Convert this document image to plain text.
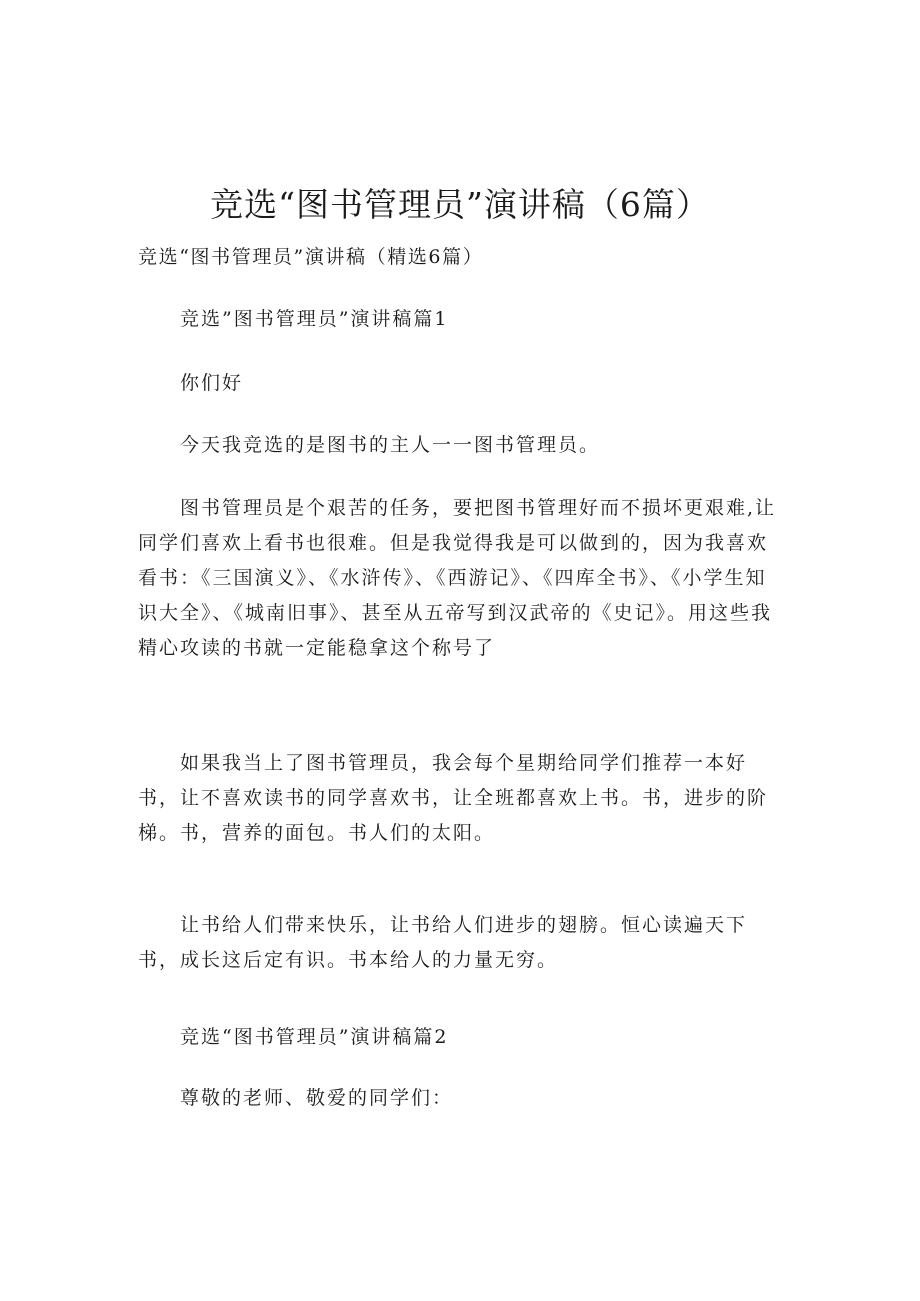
竞选“图书管理员”演讲稿（6篇）

竞选“图书管理员”演讲稿（精选6篇）

竞选”图书管理员”演讲稿篇1

你们好

今天我竞选的是图书的主人一一图书管理员。

图书管理员是个艰苦的任务，要把图书管理好而不损坏更艰难,让同学们喜欢上看书也很难。但是我觉得我是可以做到的，因为我喜欢看书：《三国演义》、《水浒传》、《西游记》、《四库全书》、《小学生知识大全》、《城南旧事》、甚至从五帝写到汉武帝的《史记》。用这些我精心攻读的书就一定能稳拿这个称号了

如果我当上了图书管理员，我会每个星期给同学们推荐一本好书，让不喜欢读书的同学喜欢书，让全班都喜欢上书。书，进步的阶梯。书，营养的面包。书人们的太阳。

让书给人们带来快乐，让书给人们进步的翅膀。恒心读遍天下书，成长这后定有识。书本给人的力量无穷。

竞选“图书管理员”演讲稿篇2

尊敬的老师、敬爱的同学们：
